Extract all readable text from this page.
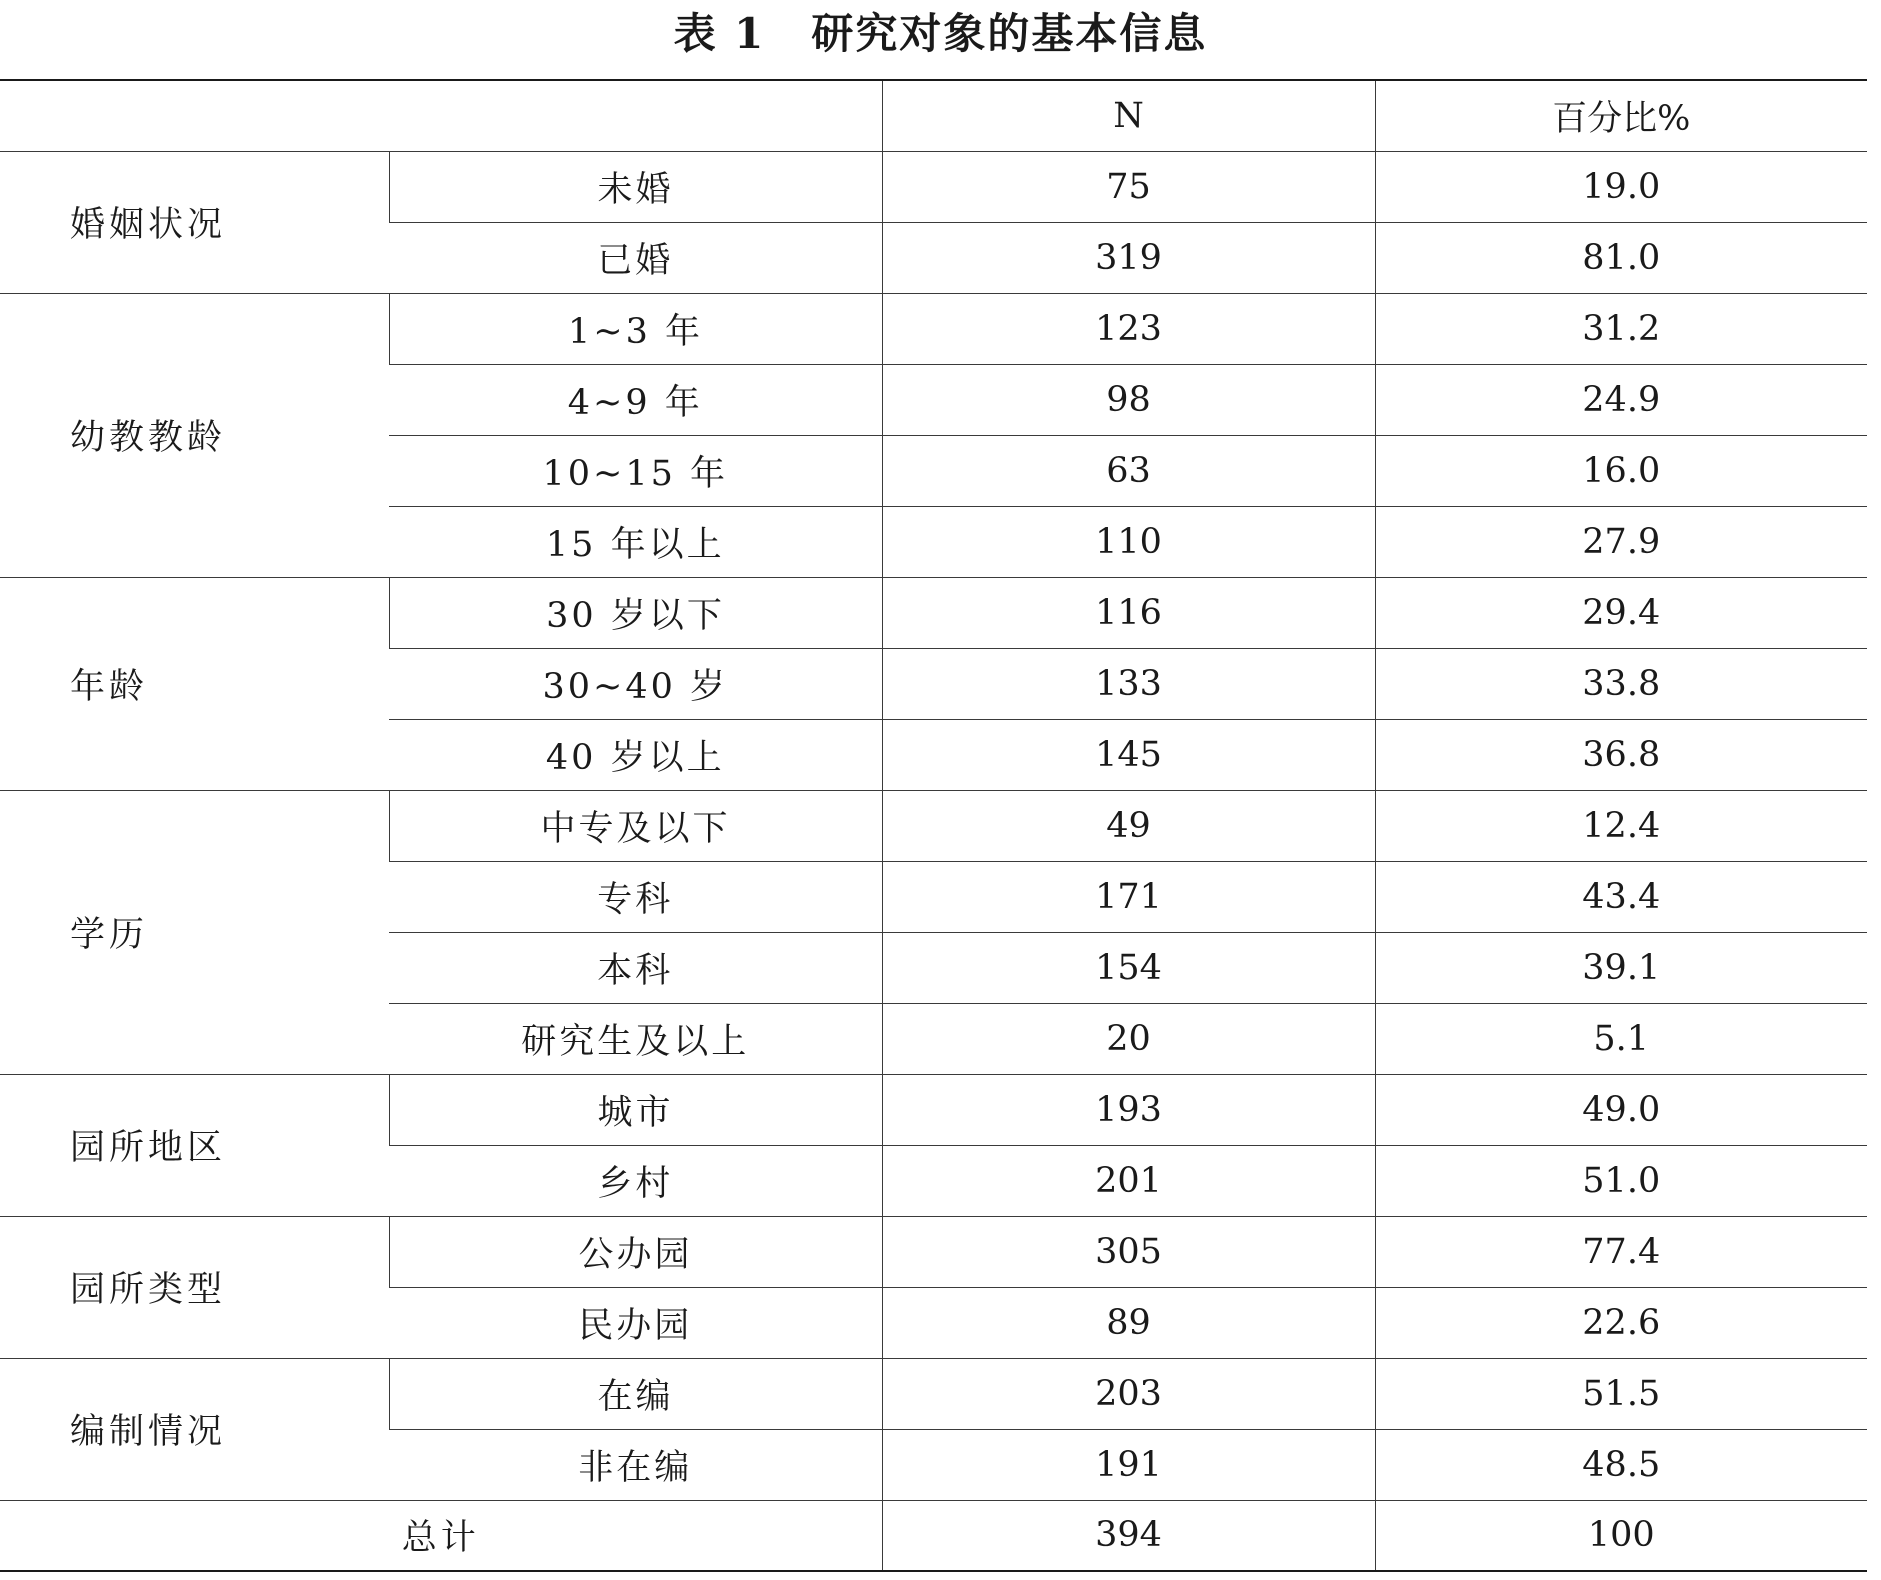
表 1 研究对象的基本信息
		N	百分比%
婚姻状况	未婚	75	19.0
	已婚	319	81.0
幼教教龄	1~3 年	123	31.2
	4~9 年	98	24.9
	10~15 年	63	16.0
	15 年以上	110	27.9
年龄	30 岁以下	116	29.4
	30~40 岁	133	33.8
	40 岁以上	145	36.8
学历	中专及以下	49	12.4
	专科	171	43.4
	本科	154	39.1
	研究生及以上	20	5.1
园所地区	城市	193	49.0
	乡村	201	51.0
园所类型	公办园	305	77.4
	民办园	89	22.6
编制情况	在编	203	51.5
	非在编	191	48.5
总计		394	100
